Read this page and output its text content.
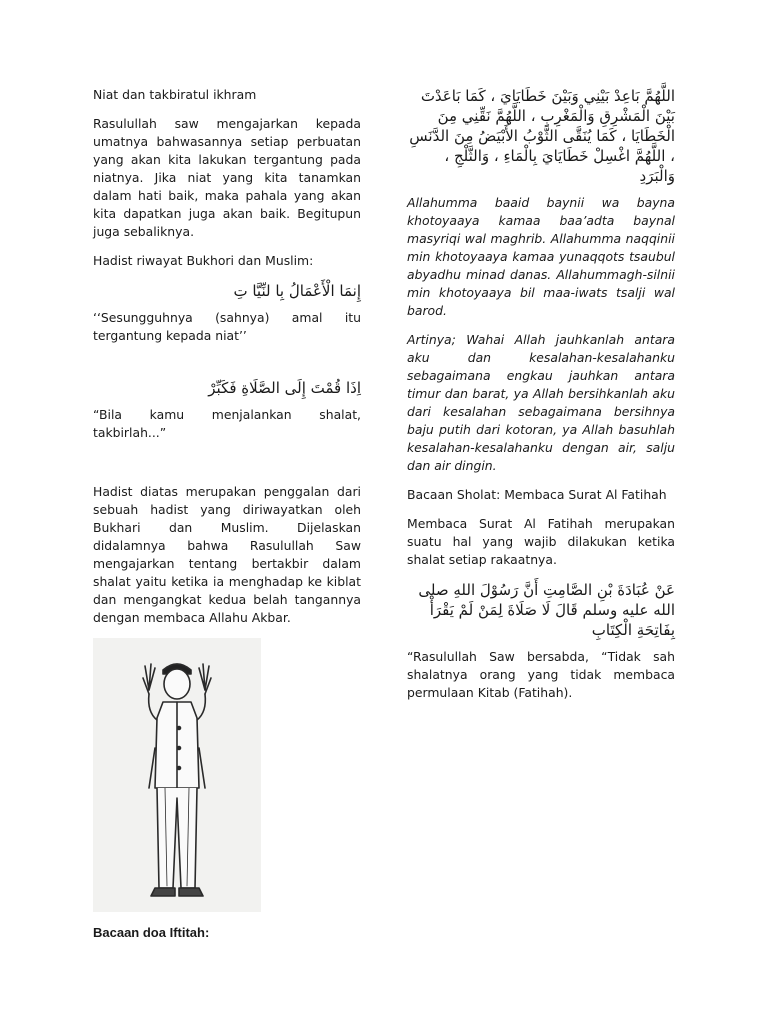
Niat dan takbiratul ikhram

Rasulullah saw mengajarkan kepada umatnya bahwasannya setiap perbuatan yang akan kita lakukan tergantung pada niatnya. Jika niat yang kita tanamkan dalam hati baik, maka pahala yang akan kita dapatkan juga akan baik. Begitupun juga sebaliknya.

Hadist riwayat Bukhori dan Muslim:

إِنمَا الْأَعْمَالُ بِا لنِّيَّا تِ

‘‘Sesungguhnya (sahnya) amal itu tergantung kepada niat’’

اِذَا قُمْتَ إِلَى الصَّلَاةِ فَكَبِّرْ

“Bila kamu menjalankan shalat, takbirlah...”

Hadist diatas merupakan penggalan dari sebuah hadist yang diriwayatkan oleh Bukhari dan Muslim. Dijelaskan didalamnya bahwa Rasulullah Saw mengajarkan tentang bertakbir dalam shalat yaitu ketika ia menghadap ke kiblat dan mengangkat kedua belah tangannya dengan membaca Allahu Akbar.

Bacaan doa Iftitah:

اللَّهُمَّ بَاعِدْ بَيْنِي وَبَيْنَ خَطَايَايَ ، كَمَا بَاعَدْتَ بَيْنَ الْمَشْرِقِ وَالْمَغْرِبِ ، اللَّهُمَّ نَقِّنِي مِنَ الْخَطَايَا ، كَمَا يُنَقَّى الثَّوْبُ الأَبْيَضُ مِنَ الدَّنَسِ ، اللَّهُمَّ اغْسِلْ خَطَايَايَ بِالْمَاءِ ، وَالثَّلْجِ ، وَالْبَرَدِ

Allahumma baaid baynii wa bayna khotoyaaya kamaa baa’adta baynal masyriqi wal maghrib. Allahumma naqqinii min khotoyaaya kamaa yunaqqots tsaubul abyadhu minad danas. Allahummagh-silnii min khotoyaaya bil maa-iwats tsalji wal barod.

Artinya; Wahai Allah jauhkanlah antara aku dan kesalahan-kesalahanku sebagaimana engkau jauhkan antara timur dan barat, ya Allah bersihkanlah aku dari kesalahan sebagaimana bersihnya baju putih dari kotoran, ya Allah basuhlah kesalahan-kesalahanku dengan air, salju dan air dingin.

Bacaan Sholat: Membaca Surat Al Fatihah

Membaca Surat Al Fatihah merupakan suatu hal yang wajib dilakukan ketika shalat setiap rakaatnya.

عَنْ عُبَادَةَ بْنِ الصَّامِتِ أَنَّ رَسُوْلَ اللهِ صلى الله عليه وسلم قَالَ لَا صَلَاةَ لِمَنْ لَمْ يَقْرَأْ بِفَاتِحَةِ الْكِتَابِ

“Rasulullah Saw bersabda, “Tidak sah shalatnya orang yang tidak membaca permulaan Kitab (Fatihah).
